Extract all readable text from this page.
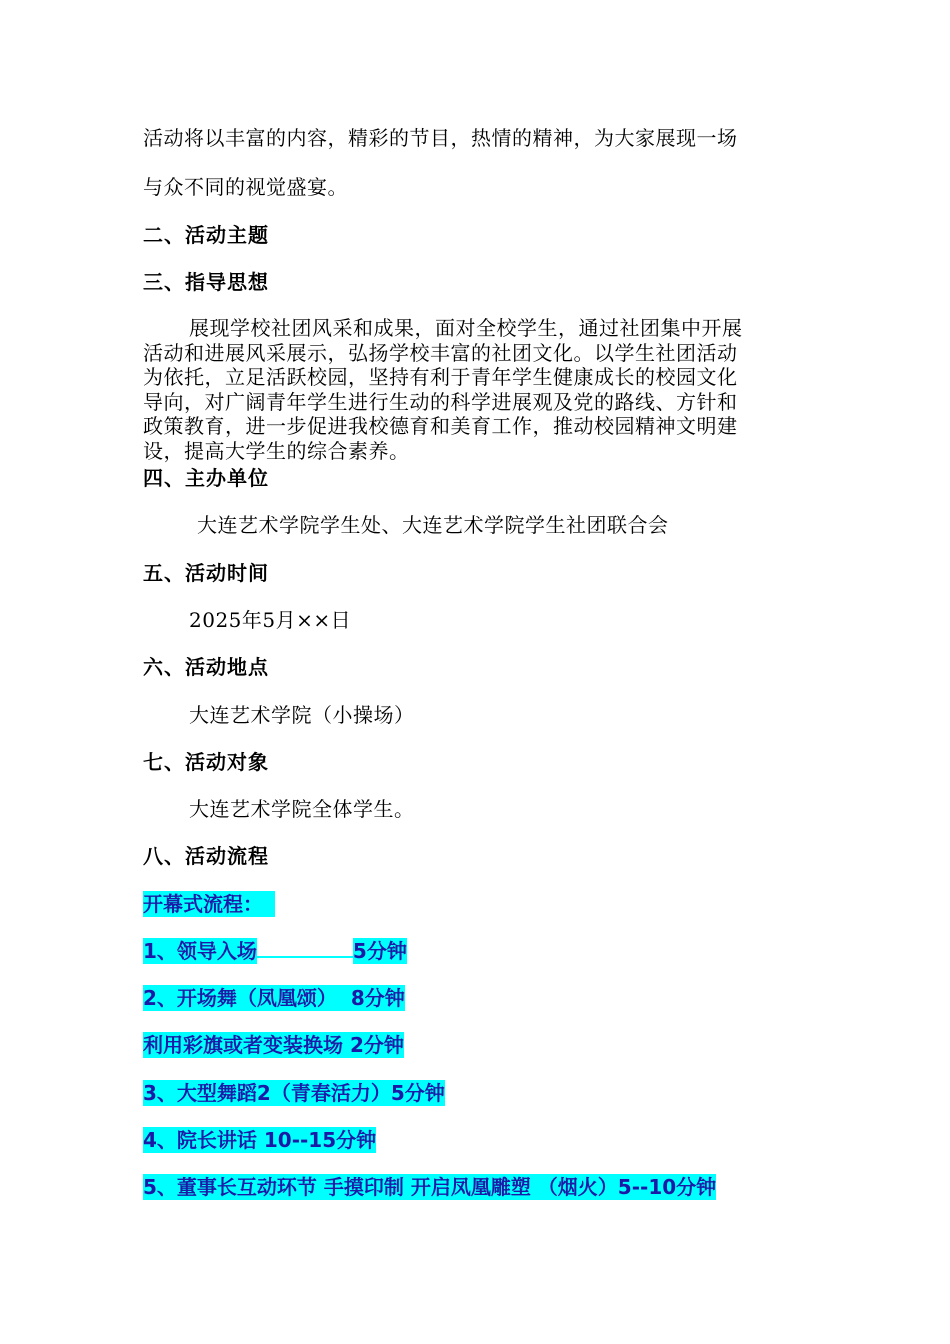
活动将以丰富的内容，精彩的节目，热情的精神，为大家展现一场
与众不同的视觉盛宴。
二、活动主题
三、指导思想

展现学校社团风采和成果，面对全校学生，通过社团集中开展

活动和进展风采展示，弘扬学校丰富的社团文化。以学生社团活动

为依托，立足活跃校园，坚持有利于青年学生健康成长的校园文化

导向，对广阔青年学生进行生动的科学进展观及党的路线、方针和

政策教育，进一步促进我校德育和美育工作，推动校园精神文明建

设，提高大学生的综合素养。

四、主办单位
大连艺术学院学生处、大连艺术学院学生社团联合会
五、活动时间
2025年5月××日
六、活动地点
大连艺术学院（小操场）
七、活动对象
大连艺术学院全体学生。
八、活动流程
开幕式流程：
1、领导入场	5分钟
2、开场舞（凤凰颂）  8分钟
利用彩旗或者变装换场 2分钟
3、大型舞蹈2（青春活力）5分钟
4、院长讲话 10--15分钟
5、董事长互动环节 手摸印制 开启凤凰雕塑 （烟火）5--10分钟
